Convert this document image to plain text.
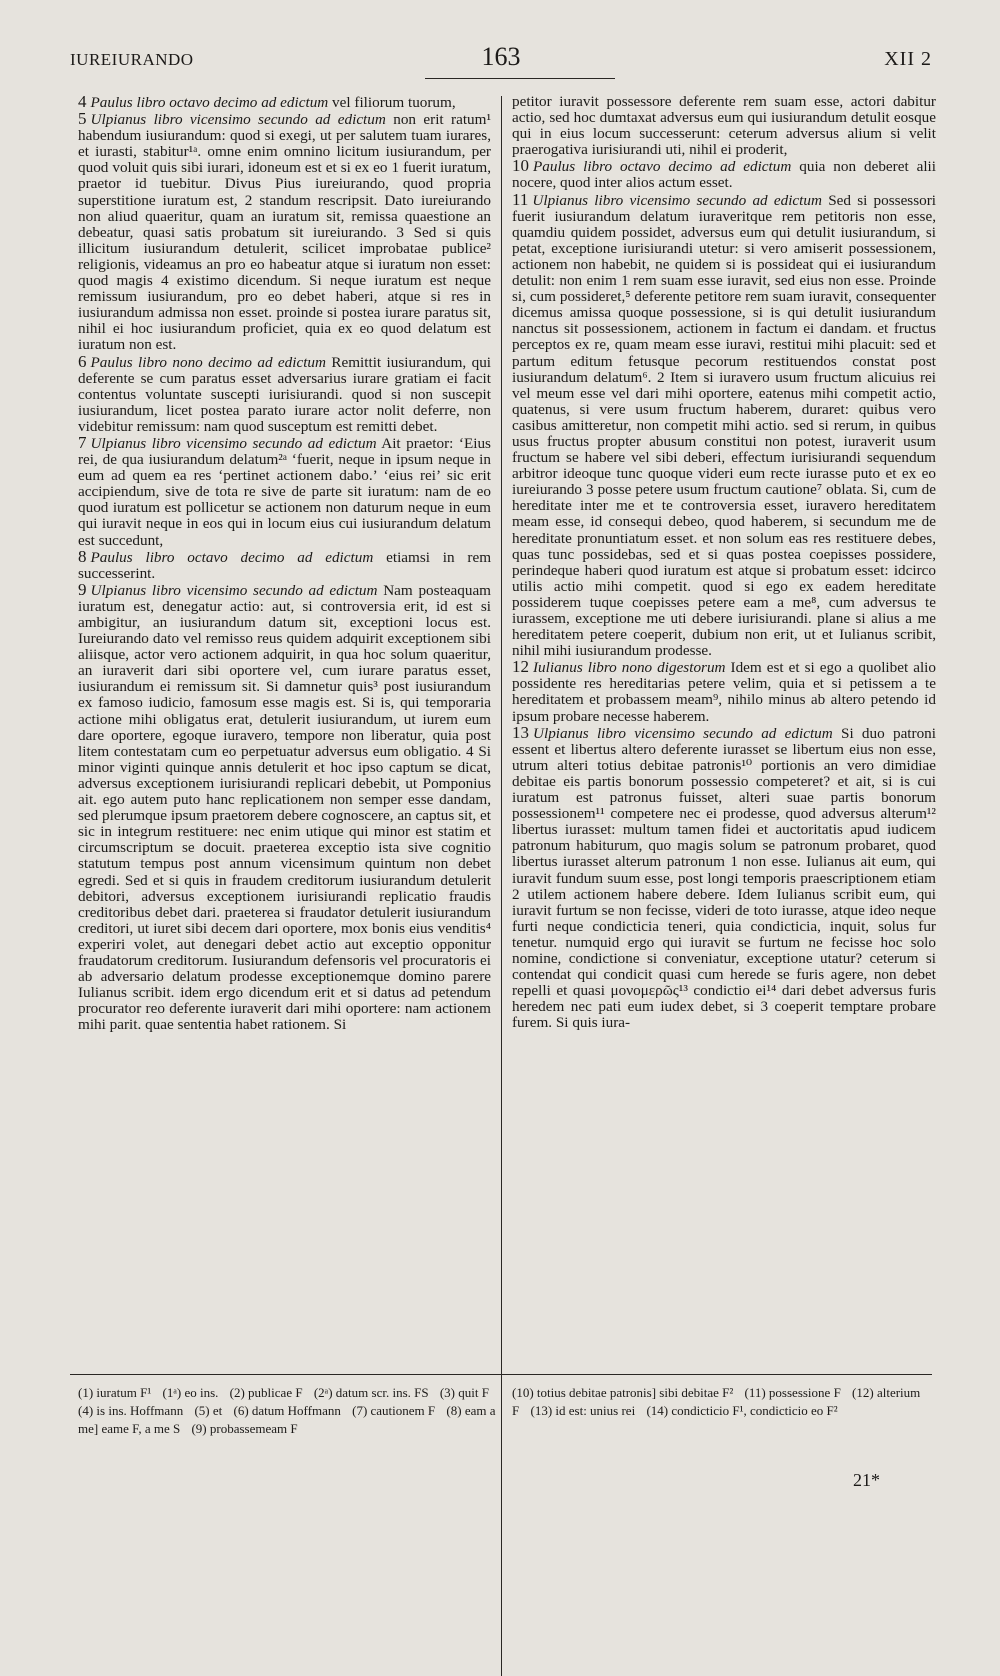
IUREIURANDO	163	XII 2

4 Paulus libro octavo decimo ad edictum vel filiorum tuorum,

5 Ulpianus libro vicensimo secundo ad edictum non erit ratum¹ habendum iusiurandum: quod si exegi, ut per salutem tuam iurares, et iurasti, stabitur¹ᵃ. omne enim omnino licitum iusiurandum, per quod voluit quis sibi iurari, idoneum est et si ex eo 1 fuerit iuratum, praetor id tuebitur. Divus Pius iureiurando, quod propria superstitione iuratum est, 2 standum rescripsit. Dato iureiurando non aliud quaeritur, quam an iuratum sit, remissa quaestione an debeatur, quasi satis probatum sit iureiurando. 3 Sed si quis illicitum iusiurandum detulerit, scilicet improbatae publice² religionis, videamus an pro eo habeatur atque si iuratum non esset: quod magis 4 existimo dicendum. Si neque iuratum est neque remissum iusiurandum, pro eo debet haberi, atque si res in iusiurandum admissa non esset. proinde si postea iurare paratus sit, nihil ei hoc iusiurandum proficiet, quia ex eo quod delatum est iuratum non est.

6 Paulus libro nono decimo ad edictum Remittit iusiurandum, qui deferente se cum paratus esset adversarius iurare gratiam ei facit contentus voluntate suscepti iurisiurandi. quod si non suscepit iusiurandum, licet postea parato iurare actor nolit deferre, non videbitur remissum: nam quod susceptum est remitti debet.

7 Ulpianus libro vicensimo secundo ad edictum Ait praetor: ‘Eius rei, de qua iusiurandum delatum²ᵃ ‘fuerit, neque in ipsum neque in eum ad quem ea res ‘pertinet actionem dabo.’ ‘eius rei’ sic erit accipiendum, sive de tota re sive de parte sit iuratum: nam de eo quod iuratum est pollicetur se actionem non daturum neque in eum qui iuravit neque in eos qui in locum eius cui iusiurandum delatum est succedunt,

8 Paulus libro octavo decimo ad edictum etiamsi in rem successerint.

9 Ulpianus libro vicensimo secundo ad edictum Nam posteaquam iuratum est, denegatur actio: aut, si controversia erit, id est si ambigitur, an iusiurandum datum sit, exceptioni locus est. Iureiurando dato vel remisso reus quidem adquirit exceptionem sibi aliisque, actor vero actionem adquirit, in qua hoc solum quaeritur, an iuraverit dari sibi oportere vel, cum iurare paratus esset, iusiurandum ei remissum sit. Si damnetur quis³ post iusiurandum ex famoso iudicio, famosum esse magis est. Si is, qui temporaria actione mihi obligatus erat, detulerit iusiurandum, ut iurem eum dare oportere, egoque iuravero, tempore non liberatur, quia post litem contestatam cum eo perpetuatur adversus eum obligatio. 4 Si minor viginti quinque annis detulerit et hoc ipso captum se dicat, adversus exceptionem iurisiurandi replicari debebit, ut Pomponius ait. ego autem puto hanc replicationem non semper esse dandam, sed plerumque ipsum praetorem debere cognoscere, an captus sit, et sic in integrum restituere: nec enim utique qui minor est statim et circumscriptum se docuit. praeterea exceptio ista sive cognitio statutum tempus post annum vicensimum quintum non debet egredi. Sed et si quis in fraudem creditorum iusiurandum detulerit debitori, adversus exceptionem iurisiurandi replicatio fraudis creditoribus debet dari. praeterea si fraudator detulerit iusiurandum creditori, ut iuret sibi decem dari oportere, mox bonis eius venditis⁴ experiri volet, aut denegari debet actio aut exceptio opponitur fraudatorum creditorum. Iusiurandum defensoris vel procuratoris ei ab adversario delatum prodesse exceptionemque domino parere Iulianus scribit. idem ergo dicendum erit et si datus ad petendum procurator reo deferente iuraverit dari mihi oportere: nam actionem mihi parit. quae sententia habet rationem. Si

petitor iuravit possessore deferente rem suam esse, actori dabitur actio, sed hoc dumtaxat adversus eum qui iusiurandum detulit eosque qui in eius locum successerunt: ceterum adversus alium si velit praerogativa iurisiurandi uti, nihil ei proderit,

10 Paulus libro octavo decimo ad edictum quia non deberet alii nocere, quod inter alios actum esset.

11 Ulpianus libro vicensimo secundo ad edictum Sed si possessori fuerit iusiurandum delatum iuraveritque rem petitoris non esse, quamdiu quidem possidet, adversus eum qui detulit iusiurandum, si petat, exceptione iurisiurandi utetur: si vero amiserit possessionem, actionem non habebit, ne quidem si is possideat qui ei iusiurandum detulit: non enim 1 rem suam esse iuravit, sed eius non esse. Proinde si, cum possideret,⁵ deferente petitore rem suam iuravit, consequenter dicemus amissa quoque possessione, si is qui detulit iusiurandum nanctus sit possessionem, actionem in factum ei dandam. et fructus perceptos ex re, quam meam esse iuravi, restitui mihi placuit: sed et partum editum fetusque pecorum restituendos constat post iusiurandum delatum⁶. 2 Item si iuravero usum fructum alicuius rei vel meum esse vel dari mihi oportere, eatenus mihi competit actio, quatenus, si vere usum fructum haberem, duraret: quibus vero casibus amitteretur, non competit mihi actio. sed si rerum, in quibus usus fructus propter abusum constitui non potest, iuraverit usum fructum se habere vel sibi deberi, effectum iurisiurandi sequendum arbitror ideoque tunc quoque videri eum recte iurasse puto et ex eo iureiurando 3 posse petere usum fructum cautione⁷ oblata. Si, cum de hereditate inter me et te controversia esset, iuravero hereditatem meam esse, id consequi debeo, quod haberem, si secundum me de hereditate pronuntiatum esset. et non solum eas res restituere debes, quas tunc possidebas, sed et si quas postea coepisses possidere, perindeque haberi quod iuratum est atque si probatum esset: idcirco utilis actio mihi competit. quod si ego ex eadem hereditate possiderem tuque coepisses petere eam a me⁸, cum adversus te iurassem, exceptione me uti debere iurisiurandi. plane si alius a me hereditatem petere coeperit, dubium non erit, ut et Iulianus scribit, nihil mihi iusiurandum prodesse.

12 Iulianus libro nono digestorum Idem est et si ego a quolibet alio possidente res hereditarias petere velim, quia et si petissem a te hereditatem et probassem meam⁹, nihilo minus ab altero petendo id ipsum probare necesse haberem.

13 Ulpianus libro vicensimo secundo ad edictum Si duo patroni essent et libertus altero deferente iurasset se libertum eius non esse, utrum alteri totius debitae patronis¹⁰ portionis an vero dimidiae debitae eis partis bonorum possessio competeret? et ait, si is cui iuratum est patronus fuisset, alteri suae partis bonorum possessionem¹¹ competere nec ei prodesse, quod adversus alterum¹² libertus iurasset: multum tamen fidei et auctoritatis apud iudicem patronum habiturum, quo magis solum se patronum probaret, quod libertus iurasset alterum patronum 1 non esse. Iulianus ait eum, qui iuravit fundum suum esse, post longi temporis praescriptionem etiam 2 utilem actionem habere debere. Idem Iulianus scribit eum, qui iuravit furtum se non fecisse, videri de toto iurasse, atque ideo neque furti neque condicticia teneri, quia condicticia, inquit, solus fur tenetur. numquid ergo qui iuravit se furtum ne fecisse hoc solo nomine, condictione si conveniatur, exceptione utatur? ceterum si contendat qui condicit quasi cum herede se furis agere, non debet repelli et quasi μονομερῶς¹³ condictio ei¹⁴ dari debet adversus furis heredem nec pati eum iudex debet, si 3 coeperit temptare probare furem. Si quis iura-

(1) iuratum F¹ (1ᵃ) eo ins. (2) publicae F (2ᵃ) datum scr. ins. FS (3) quit F (4) is ins. Hoffmann (5) et (6) datum Hoffmann (7) cautionem F (8) eam a me] eame F, a me S (9) probassemeam F
(10) totius debitae patronis] sibi debitae F² (11) possessione F (12) alterium F (13) id est: unius rei (14) condicticio F¹, condicticio eo F²
21*
